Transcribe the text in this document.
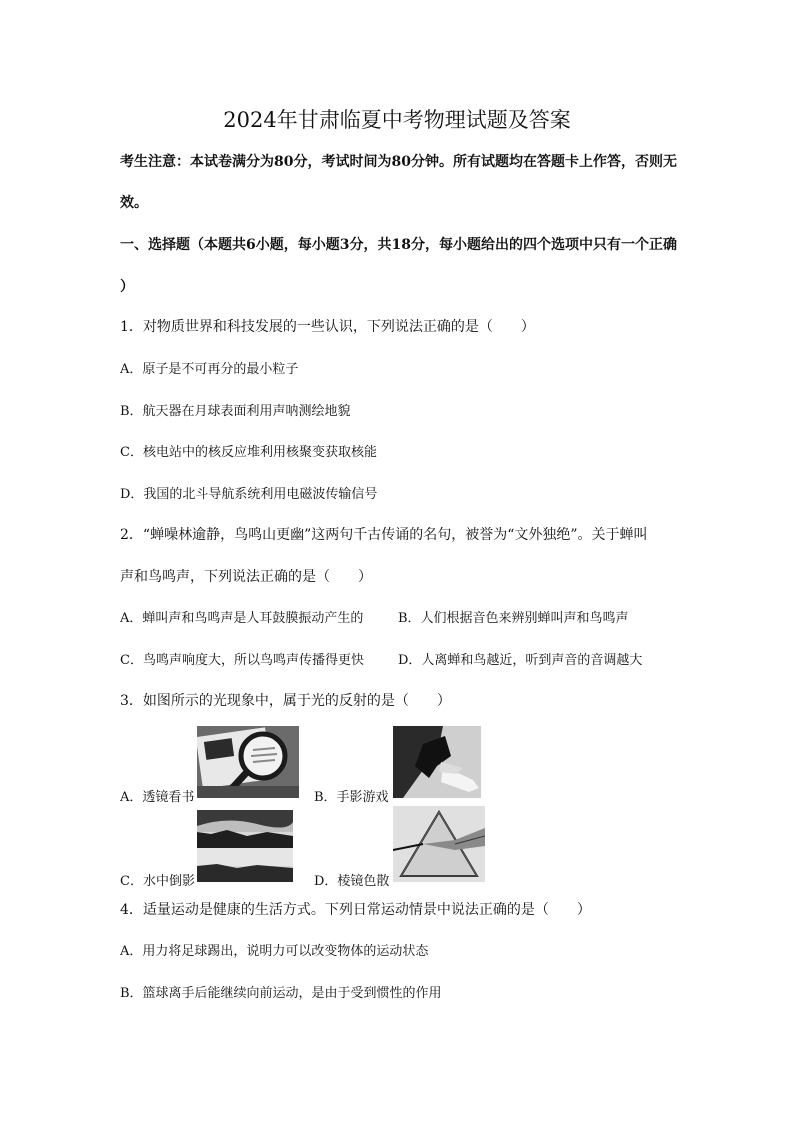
2024年甘肃临夏中考物理试题及答案
考生注意：本试卷满分为80分，考试时间为80分钟。所有试题均在答题卡上作答，否则无
效。
一、选择题（本题共6小题，每小题3分，共18分，每小题给出的四个选项中只有一个正确
）
1．对物质世界和科技发展的一些认识，下列说法正确的是（　　）
A．原子是不可再分的最小粒子
B．航天器在月球表面利用声呐测绘地貌
C．核电站中的核反应堆利用核聚变获取核能
D．我国的北斗导航系统利用电磁波传输信号
2．“蝉噪林逾静，鸟鸣山更幽”这两句千古传诵的名句，被誉为“文外独绝”。关于蝉叫
声和鸟鸣声，下列说法正确的是（　　）
A．蝉叫声和鸟鸣声是人耳鼓膜振动产生的	B．人们根据音色来辨别蝉叫声和鸟鸣声
C．鸟鸣声响度大，所以鸟鸣声传播得更快	D．人离蝉和鸟越近，听到声音的音调越大
3．如图所示的光现象中，属于光的反射的是（　　）
A．透镜看书	B．手影游戏
C．水中倒影	D．棱镜色散
4．适量运动是健康的生活方式。下列日常运动情景中说法正确的是（　　）
A．用力将足球踢出，说明力可以改变物体的运动状态
B．篮球离手后能继续向前运动，是由于受到惯性的作用
